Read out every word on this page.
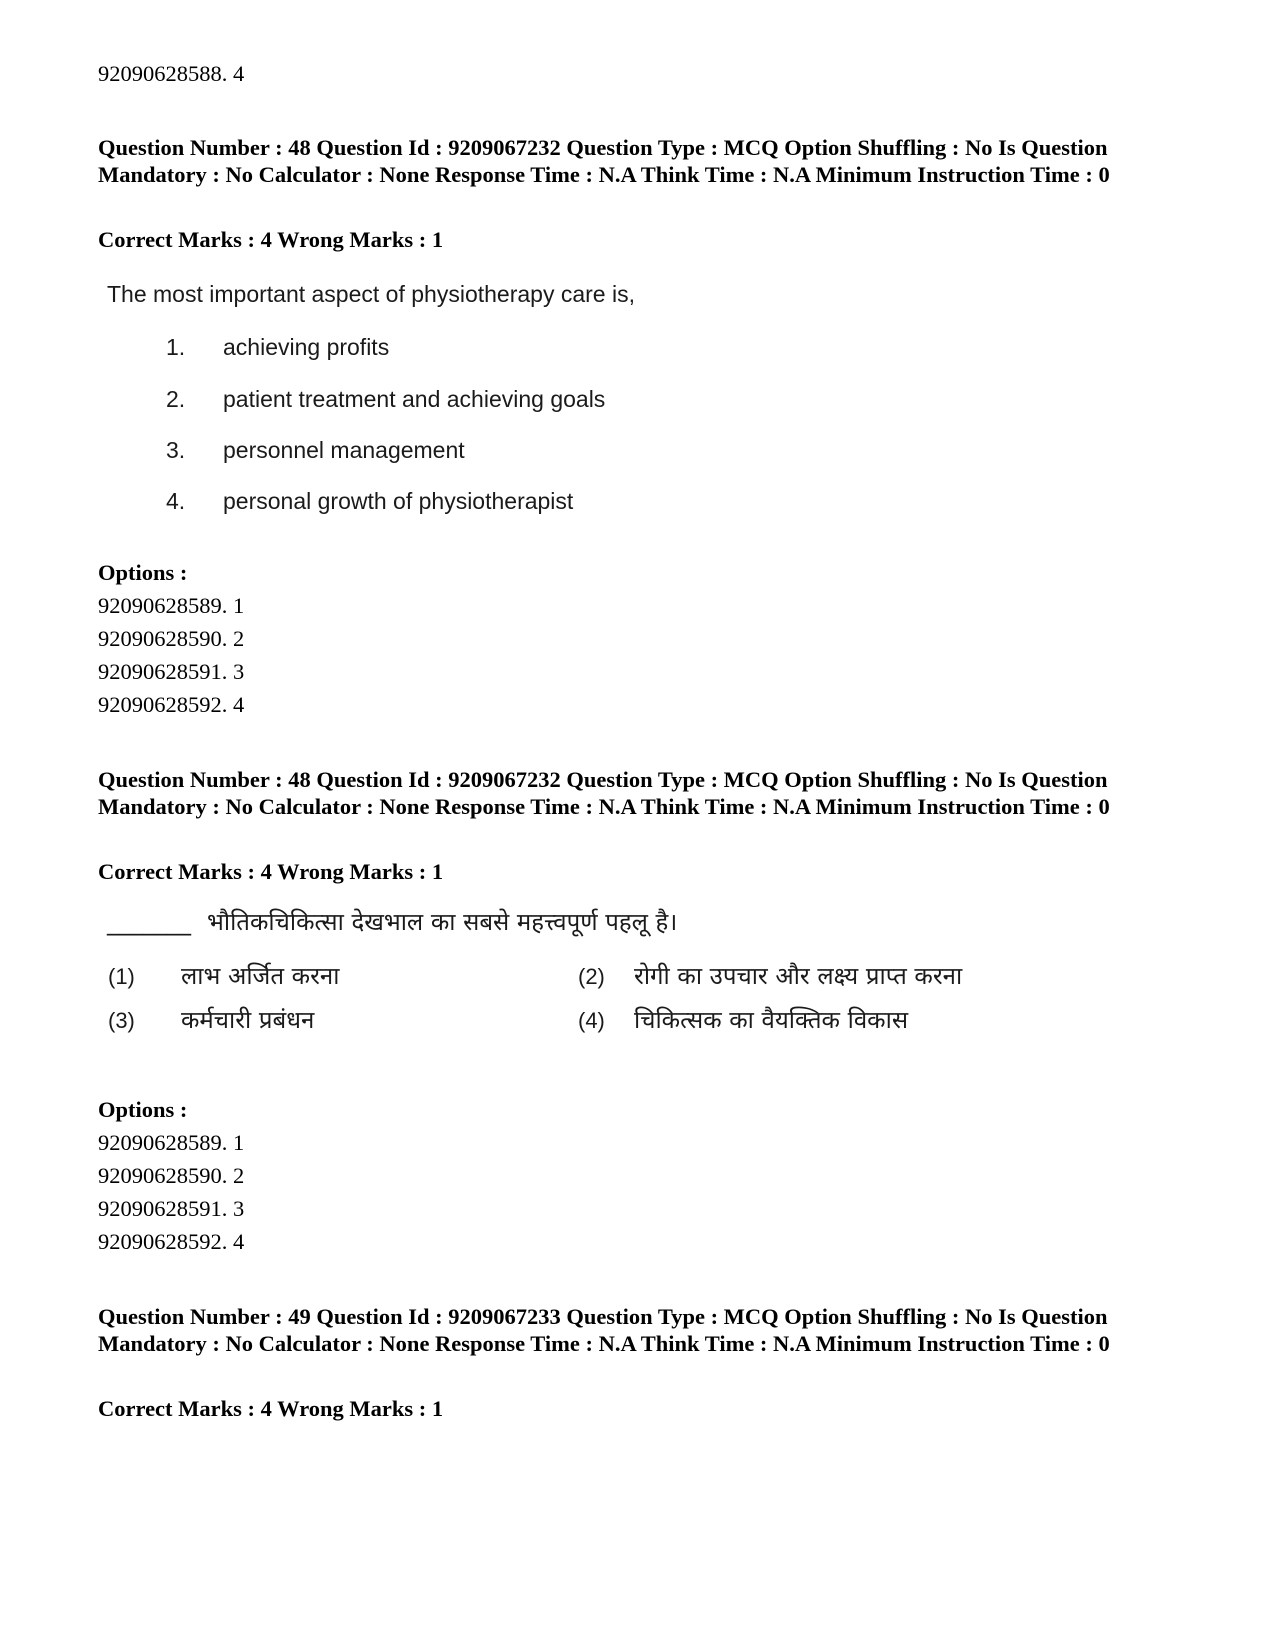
92090628588. 4
Question Number : 48 Question Id : 9209067232 Question Type : MCQ Option Shuffling : No Is Question Mandatory : No Calculator : None Response Time : N.A Think Time : N.A Minimum Instruction Time : 0
Correct Marks : 4 Wrong Marks : 1
The most important aspect of physiotherapy care is,
1. achieving profits
2. patient treatment and achieving goals
3. personnel management
4. personal growth of physiotherapist
Options :
92090628589. 1
92090628590. 2
92090628591. 3
92090628592. 4
Question Number : 48 Question Id : 9209067232 Question Type : MCQ Option Shuffling : No Is Question Mandatory : No Calculator : None Response Time : N.A Think Time : N.A Minimum Instruction Time : 0
Correct Marks : 4 Wrong Marks : 1
_______ भौतिकचिकित्सा देखभाल का सबसे महत्त्वपूर्ण पहलू है।
(1) लाभ अर्जित करना	(2) रोगी का उपचार और लक्ष्य प्राप्त करना
(3) कर्मचारी प्रबंधन	(4) चिकित्सक का वैयक्तिक विकास
Options :
92090628589. 1
92090628590. 2
92090628591. 3
92090628592. 4
Question Number : 49 Question Id : 9209067233 Question Type : MCQ Option Shuffling : No Is Question Mandatory : No Calculator : None Response Time : N.A Think Time : N.A Minimum Instruction Time : 0
Correct Marks : 4 Wrong Marks : 1
